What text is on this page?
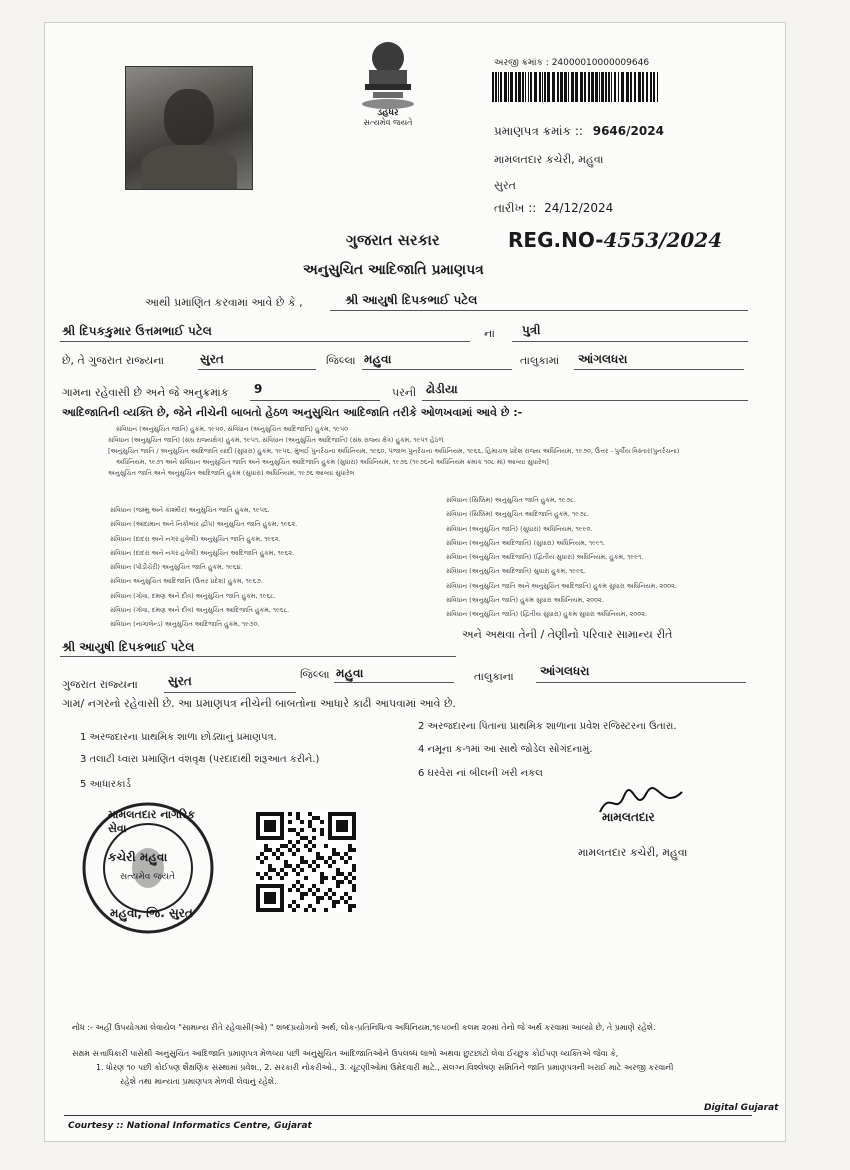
ડહધર
સત્યમેવ જયતે
અરજી ક્રમાંક : 24000010000009646
પ્રમાણપત્ર ક્રમાંક :: 9646/2024
મામલતદાર કચેરી, મહુવા
સુરત
તારીખ :: 24/12/2024
ગુજરાત સરકાર	REG.NO-4553/2024
અનુસુચિત આદિજાતિ પ્રમાણપત્ર
આથી પ્રમાણિત કરવામાં આવે છે કે ,	શ્રી આયુષી દિપકભાઈ પટેલ
શ્રી દિપકકુમાર ઉત્તમભાઈ પટેલ	ના પુત્રી
છે, તે ગુજરાત રાજ્યના	સુરત	જિલ્લા મહુવા	તાલુકામાં આંગલધરા
ગામના રહેવાસી છે અને જે અનુક્રમાંક 9	પરની ઢોડીયા
આદિજાતિની વ્યક્તિ છે, જેને નીચેની બાબતો હેઠળ અનુસુચિત આદિજાતિ તરીકે ઓળખવામાં આવે છે :-
સંવિધાન (અનુસુચિત જાતિ) હુકમ, ૧૯૫૦, સંવિધાન (અનુસુચિત આદિજાતિ) હુકમ, ૧૯૫૦
સંવિધાન (અનુસુચિત જાતિ) (સંઘ રાજ્યક્ષેત્ર) હુકમ, ૧૯૫૧, સંવિધાન (અનુસુચિત આદિજાતિ) (સંઘ રાજ્ય ક્ષેત્ર) હુકમ, ૧૯૫૧ હેઠળ
[અનુસુચિત જાતિ / અનુસુચિત આદિજાતિ યાદી (સુધારા) હુકમ, ૧૯૫૬, મુંબઈ પુનર્રચના અધિનિયમ, ૧૯૬૦, પંજાબ પુનર્રચના અધિનિયમ, ૧૯૬૬, હિમાચલ પ્રદેશ રાજ્ય અધિનિયમ, ૧૯૭૦, ઉત્તર - પુર્વીય વિસ્તાર(પુનર્રચના)
અધિનિયમ, ૧૯૭૧ અને સંવિધાન અનુસુચિત જાતિ અને અનુસુચિત આદિજાતિ હુકમ (સુધારા) અધિનિયમ, ૧૯૭૬ (૧૯૭૬નો અધિનિયમ ક્રમાંક ૧૦૮ માં) આવ્યા સુધારેલ]
અનુસુચિત જાતિ અને અનુસુચિત આદિજાતિ હુકમ (સુધારા) અધિનિયમ, ૧૯૭૬ આવ્યા સુધારેલ
સંવિધાન (જમ્મુ અને કાશ્મીર) અનુસુચિત જાતિ હુકમ, ૧૯૫૬.
સંવિધાન (આંદામાન અને નિકોબાર દ્વીપ) અનુસુચિત જાતિ હુકમ, ૧૯૬૨.
સંવિધાન (દાદરા અને નગર હવેલી) અનુસુચિત જાતિ હુકમ, ૧૯૬૨.
સંવિધાન (દાદરા અને નગર હવેલી) અનુસુચિત આદિજાતિ હુકમ, ૧૯૬૨.
સંવિધાન (પોંડીચેરી) અનુસુચિત જાતિ હુકમ, ૧૯૬૪.
સંવિધાન અનુસુચિત આદિજાતિ (ઉત્તર પ્રદેશ) હુકમ, ૧૯૬૭.
સંવિધાન (ગોવા, દમણ અને દીવ) અનુસુચિત જાતિ હુકમ, ૧૯૬૮.
સંવિધાન (ગોવા, દમણ અને દીવ) અનુસુચિત આદિજાતિ હુકમ, ૧૯૬૮.
સંવિધાન (નાગાલેન્ડ) અનુસુચિત આદિજાતિ હુકમ, ૧૯૭૦.
સંવિધાન (સિક્કિમ) અનુસુચિત જાતિ હુકમ, ૧૯૭૮.
સંવિધાન (સિક્કિમ) અનુસુચિત આદિજાતિ હુકમ, ૧૯૭૮.
સંવિધાન (અનુસુચિત જાતિ) (સુધારા) અધિનિયમ, ૧૯૯૦.
સંવિધાન (અનુસુચિત આદિજાતિ) (સુધારા) અધિનિયમ, ૧૯૯૧.
સંવિધાન (અનુસુચિત આદિજાતિ) (દ્વિતીય સુધારા) અધિનિયમ, હુકમ, ૧૯૯૧.
સંવિધાન (અનુસુચિત આદિજાતિ) સુધારા હુકમ, ૧૯૯૬.
સંવિધાન (અનુસુચિત જાતિ અને અનુસુચિત આદિજાતિ) હુકમ સુધારા અધિનિયમ, ૨૦૦૨.
સંવિધાન (અનુસુચિત જાતિ) હુકમ સુધારા અધિનિયમ, ૨૦૦૨.
સંવિધાન (અનુસુચિત જાતિ) (દ્વિતીય સુધારા) હુકમ સુધારા અધિનિયમ, ૨૦૦૨.
શ્રી આયુષી દિપકભાઈ પટેલ
અને અથવા તેની / તેણીનો પરિવાર સામાન્ય રીતે
ગુજરાત રાજ્યના	સુરત	જિલ્લા મહુવા	તાલુકાના આંગલધરા
ગામ/ નગરનો રહેવાસી છે. આ પ્રમાણપત્ર નીચેની બાબતોના આધારે કાઢી આપવામાં આવે છે.
1 અરજદારના પ્રાથમિક શાળા છોડ્યાનું પ્રમાણપત્ર.
2 અરજદારના પિતાના પ્રાથમિક શાળાના પ્રવેશ રજિસ્ટરના ઉતારા.
3 તલાટી ધ્વારા પ્રમાણિત વંશવૃક્ષ (પરદાદાથી શરૂઆત કરીને.)
4 નમૂના ક-૧માં આ સાથે જોડેલ સોગંદનામું.
5 આધારકાર્ડ
6 ઘરવેરા નાં બીલની ખરી નકલ
મામલતદાર નાગરિક સેવા
કચેરી મહુવા
સત્યમેવ જયતે
મહુવા, જિ. સુરત
મામલતદાર
મામલતદાર કચેરી, મહુવા
નોંધ :- અહીં ઉપયોગમાં લેવાયેલ "સામાન્ય રીતે રહેવાસી(ઓ) " શબ્દપ્રયોગનો અર્થ, લોક-પ્રતિનિધિત્વ અધિનિયમ,૧૯૫૦ની કલમ ૨૦માં તેનો જે અર્થ કરવામાં આવ્યો છે, તે પ્રમાણે રહેશે.
સક્ષમ સત્તાધિકારી પાસેથી અનુસુચિત આદિજાતિ પ્રમાણપત્ર મેળવ્યા પછી અનુસુચિત આદિજાતિઓને ઉપલબ્ધ લાભો અથવા છુટછાટો લેવા ઈચ્છુક કોઈપણ વ્યક્તિએ જેવા કે,
1. ધોરણ ૧૦ પછી કોઈપણ શૈક્ષણિક સંસ્થામાં પ્રવેશ., 2. સરકારી નોકરીઓ., 3. ચૂંટણીઓમાં ઉમેદવારી માટે., સંલગ્ન વિશ્લેષણ સમિતિને જાતિ પ્રમાણપત્રની ખરાઈ માટે અરજી કરવાની
રહેશે તથા માન્યતા પ્રમાણપત્ર મેળવી લેવાનું રહેશે.
Courtesy :: National Informatics Centre, Gujarat
Digital Gujarat
